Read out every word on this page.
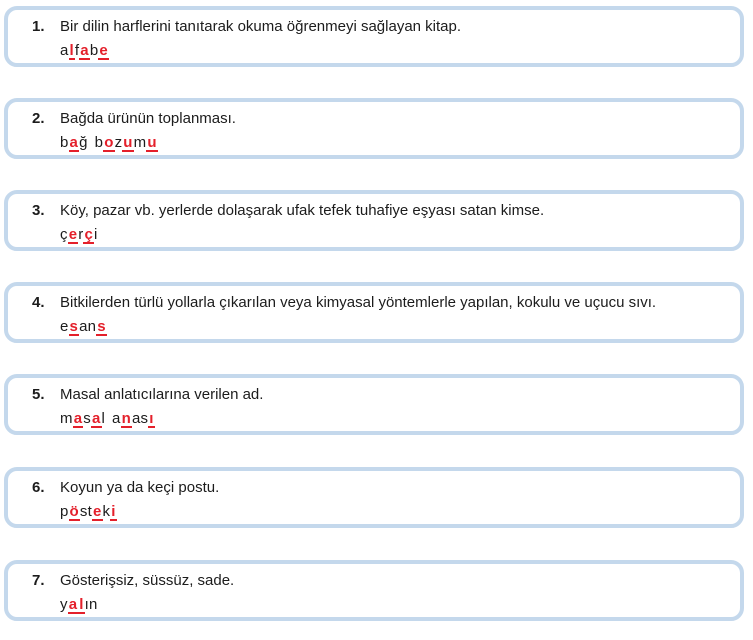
1. Bir dilin harflerini tanıtarak okuma öğrenmeyi sağlayan kitap.
alfabe
2. Bağda ürünün toplanması.
bağ bozumu
3. Köy, pazar vb. yerlerde dolaşarak ufak tefek tuhafiye eşyası satan kimse.
çerçi
4. Bitkilerden türlü yollarla çıkarılan veya kimyasal yöntemlerle yapılan, kokulu ve uçucu sıvı.
esans
5. Masal anlatıcılarına verilen ad.
masal anası
6. Koyun ya da keçi postu.
pösteki
7. Gösterişsiz, süssüz, sade.
ya lın
